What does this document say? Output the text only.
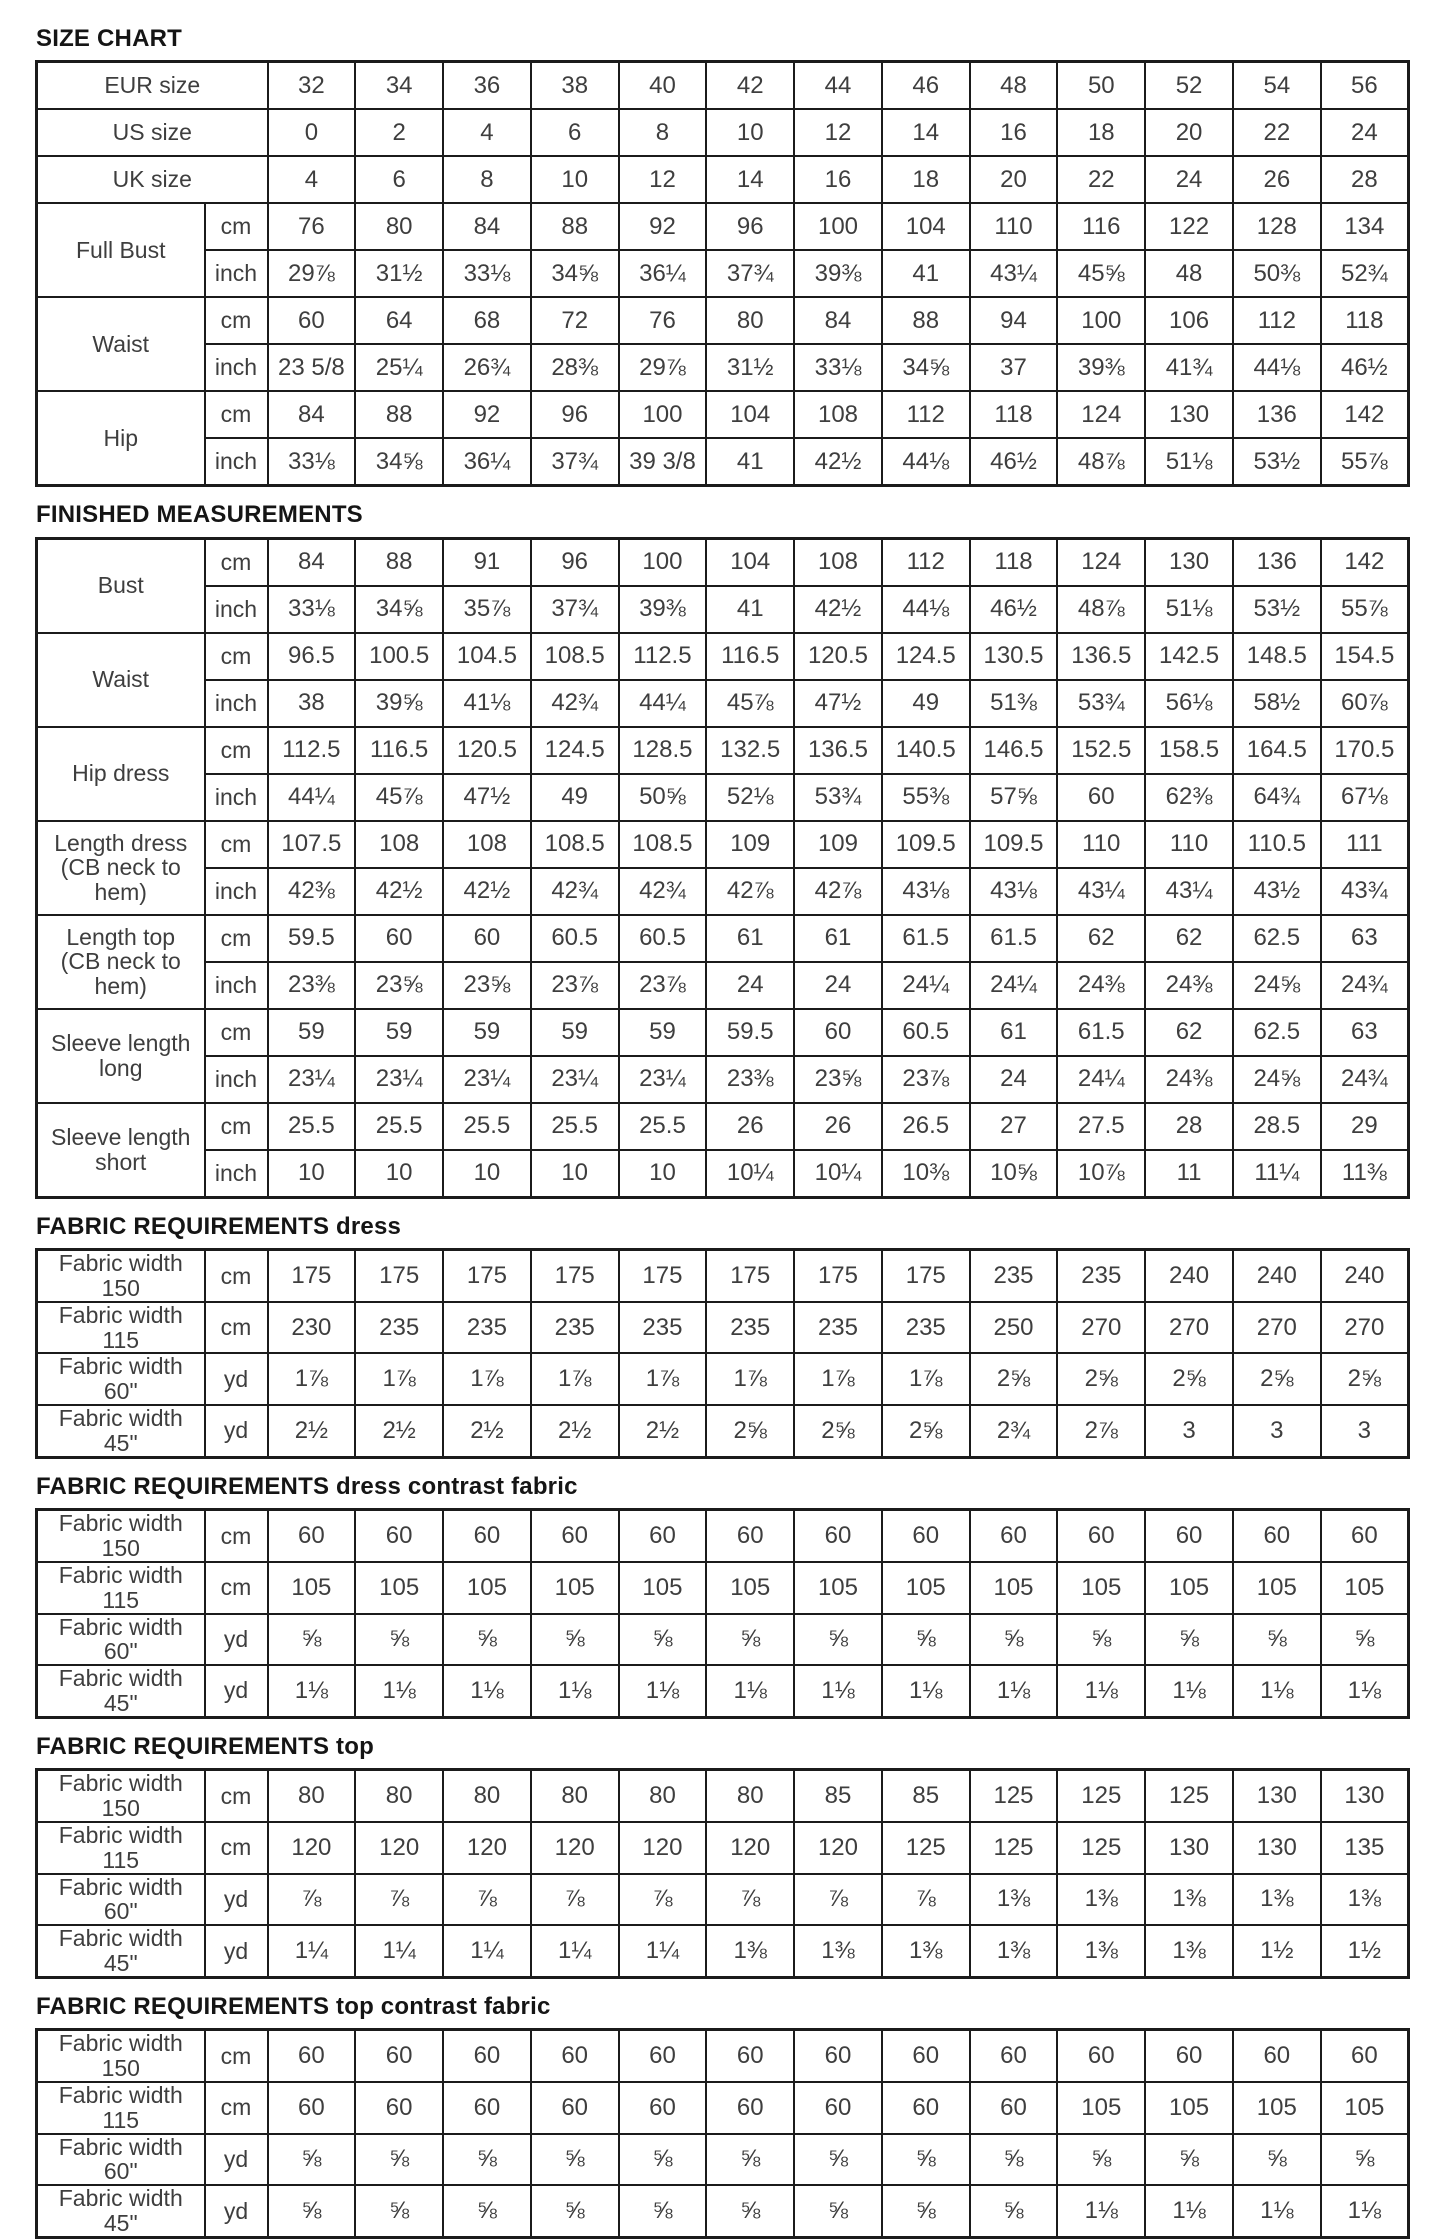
SIZE CHART
EUR size		32	34	36	38	40	42	44	46	48	50	52	54	56
US size		0	2	4	6	8	10	12	14	16	18	20	22	24
UK size		4	6	8	10	12	14	16	18	20	22	24	26	28
Full Bust	cm	76	80	84	88	92	96	100	104	110	116	122	128	134
	inch	29⅞	31½	33⅛	34⅝	36¼	37¾	39⅜	41	43¼	45⅝	48	50⅜	52¾
Waist	cm	60	64	68	72	76	80	84	88	94	100	106	112	118
	inch	23 5/8	25¼	26¾	28⅜	29⅞	31½	33⅛	34⅝	37	39⅜	41¾	44⅛	46½
Hip	cm	84	88	92	96	100	104	108	112	118	124	130	136	142
	inch	33⅛	34⅝	36¼	37¾	39 3/8	41	42½	44⅛	46½	48⅞	51⅛	53½	55⅞
FINISHED MEASUREMENTS
Bust	cm	84	88	91	96	100	104	108	112	118	124	130	136	142
	inch	33⅛	34⅝	35⅞	37¾	39⅜	41	42½	44⅛	46½	48⅞	51⅛	53½	55⅞
Waist	cm	96.5	100.5	104.5	108.5	112.5	116.5	120.5	124.5	130.5	136.5	142.5	148.5	154.5
	inch	38	39⅝	41⅛	42¾	44¼	45⅞	47½	49	51⅜	53¾	56⅛	58½	60⅞
Hip dress	cm	112.5	116.5	120.5	124.5	128.5	132.5	136.5	140.5	146.5	152.5	158.5	164.5	170.5
	inch	44¼	45⅞	47½	49	50⅝	52⅛	53¾	55⅜	57⅝	60	62⅜	64¾	67⅛
Length dress
(CB neck to hem)	cm	107.5	108	108	108.5	108.5	109	109	109.5	109.5	110	110	110.5	111
	inch	42⅜	42½	42½	42¾	42¾	42⅞	42⅞	43⅛	43⅛	43¼	43¼	43½	43¾
Length top
(CB neck to hem)	cm	59.5	60	60	60.5	60.5	61	61	61.5	61.5	62	62	62.5	63
	inch	23⅜	23⅝	23⅝	23⅞	23⅞	24	24	24¼	24¼	24⅜	24⅜	24⅝	24¾
Sleeve length
long	cm	59	59	59	59	59	59.5	60	60.5	61	61.5	62	62.5	63
	inch	23¼	23¼	23¼	23¼	23¼	23⅜	23⅝	23⅞	24	24¼	24⅜	24⅝	24¾
Sleeve length
short	cm	25.5	25.5	25.5	25.5	25.5	26	26	26.5	27	27.5	28	28.5	29
	inch	10	10	10	10	10	10¼	10¼	10⅜	10⅝	10⅞	11	11¼	11⅜
FABRIC REQUIREMENTS dress
Fabric width 150	cm	175	175	175	175	175	175	175	175	235	235	240	240	240
Fabric width 115	cm	230	235	235	235	235	235	235	235	250	270	270	270	270
Fabric width 60"	yd	1⅞	1⅞	1⅞	1⅞	1⅞	1⅞	1⅞	1⅞	2⅝	2⅝	2⅝	2⅝	2⅝
Fabric width 45"	yd	2½	2½	2½	2½	2½	2⅝	2⅝	2⅝	2¾	2⅞	3	3	3
FABRIC REQUIREMENTS dress contrast fabric
Fabric width 150	cm	60	60	60	60	60	60	60	60	60	60	60	60	60
Fabric width 115	cm	105	105	105	105	105	105	105	105	105	105	105	105	105
Fabric width 60"	yd	⅝	⅝	⅝	⅝	⅝	⅝	⅝	⅝	⅝	⅝	⅝	⅝	⅝
Fabric width 45"	yd	1⅛	1⅛	1⅛	1⅛	1⅛	1⅛	1⅛	1⅛	1⅛	1⅛	1⅛	1⅛	1⅛
FABRIC REQUIREMENTS top
Fabric width 150	cm	80	80	80	80	80	80	85	85	125	125	125	130	130
Fabric width 115	cm	120	120	120	120	120	120	120	125	125	125	130	130	135
Fabric width 60"	yd	⅞	⅞	⅞	⅞	⅞	⅞	⅞	⅞	1⅜	1⅜	1⅜	1⅜	1⅜
Fabric width 45"	yd	1¼	1¼	1¼	1¼	1¼	1⅜	1⅜	1⅜	1⅜	1⅜	1⅜	1½	1½
FABRIC REQUIREMENTS top contrast fabric
Fabric width 150	cm	60	60	60	60	60	60	60	60	60	60	60	60	60
Fabric width 115	cm	60	60	60	60	60	60	60	60	60	105	105	105	105
Fabric width 60"	yd	⅝	⅝	⅝	⅝	⅝	⅝	⅝	⅝	⅝	⅝	⅝	⅝	⅝
Fabric width 45"	yd	⅝	⅝	⅝	⅝	⅝	⅝	⅝	⅝	⅝	1⅛	1⅛	1⅛	1⅛
